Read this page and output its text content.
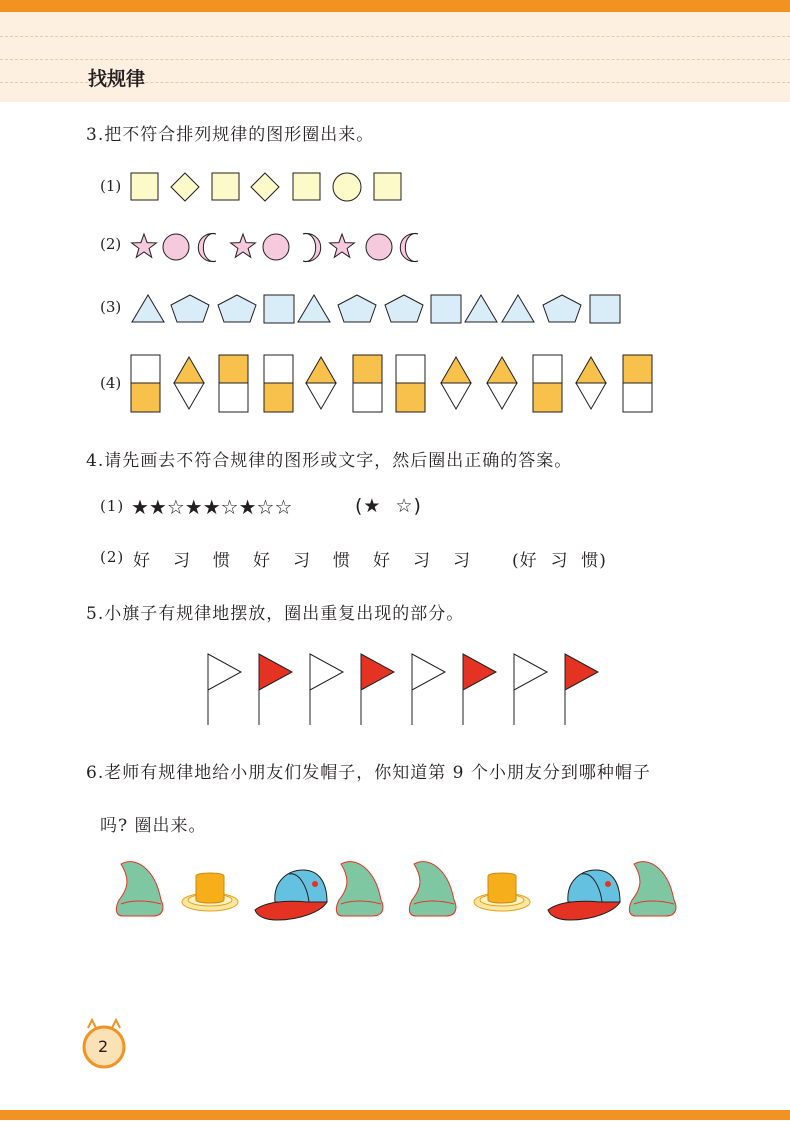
找规律
3.把不符合排列规律的图形圈出来。
(1)
(2)
(3)
(4)
4.请先画去不符合规律的图形或文字，然后圈出正确的答案。
(1) ★★☆★★☆★☆☆	(★  ☆)
(2) 好 习 惯 好 习 惯 好 习 习 (好  习  惯)
5.小旗子有规律地摆放，圈出重复出现的部分。
6.老师有规律地给小朋友们发帽子，你知道第 9 个小朋友分到哪种帽子
吗? 圈出来。
2
